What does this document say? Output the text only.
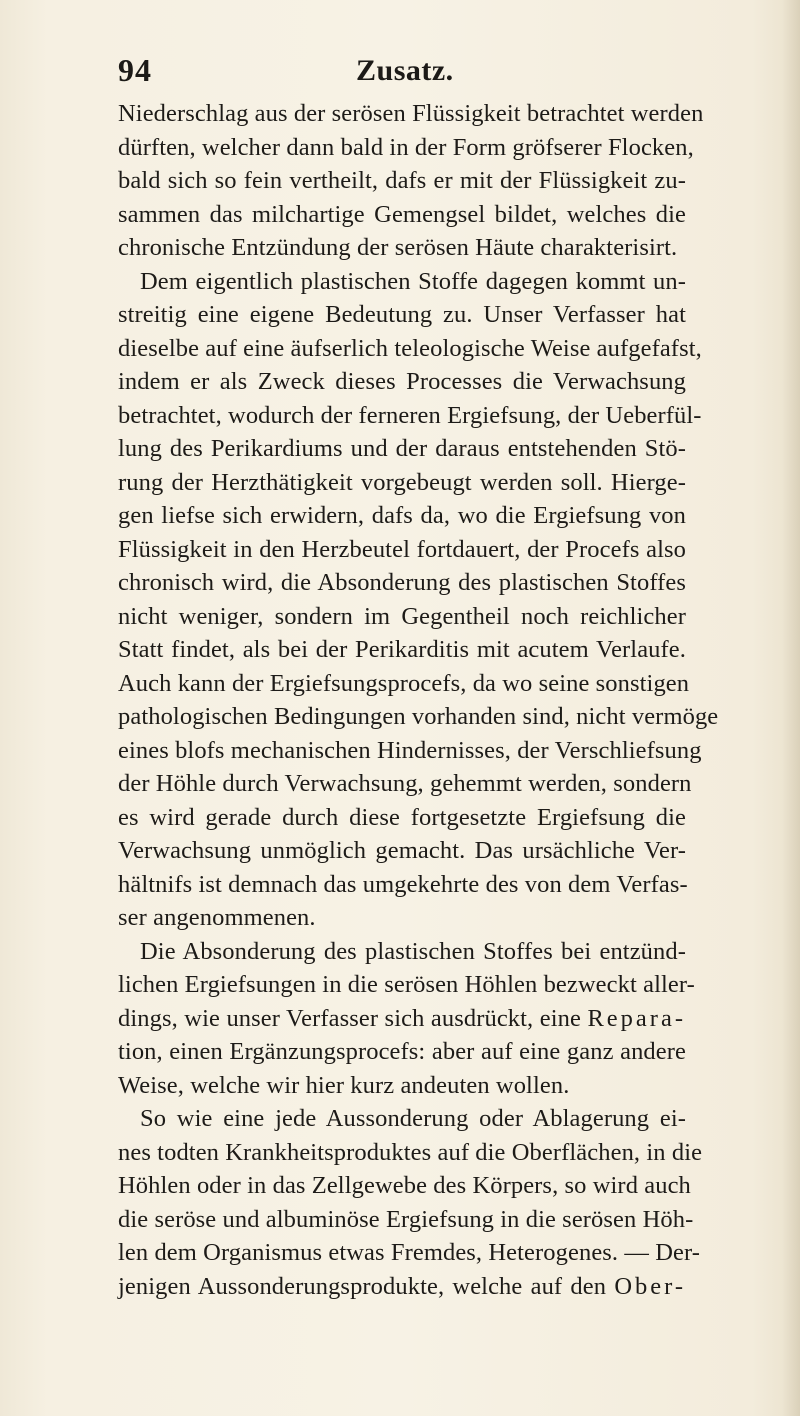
94	Zusatz.
Niederschlag aus der serösen Flüssigkeit betrachtet werden
dürften, welcher dann bald in der Form gröfserer Flocken,
bald sich so fein vertheilt, dafs er mit der Flüssigkeit zu-
sammen das milchartige Gemengsel bildet, welches die
chronische Entzündung der serösen Häute charakterisirt.
Dem eigentlich plastischen Stoffe dagegen kommt un-
streitig eine eigene Bedeutung zu. Unser Verfasser hat
dieselbe auf eine äufserlich teleologische Weise aufgefafst,
indem er als Zweck dieses Processes die Verwachsung
betrachtet, wodurch der ferneren Ergiefsung, der Ueberfül-
lung des Perikardiums und der daraus entstehenden Stö-
rung der Herzthätigkeit vorgebeugt werden soll. Hierge-
gen liefse sich erwidern, dafs da, wo die Ergiefsung von
Flüssigkeit in den Herzbeutel fortdauert, der Procefs also
chronisch wird, die Absonderung des plastischen Stoffes
nicht weniger, sondern im Gegentheil noch reichlicher
Statt findet, als bei der Perikarditis mit acutem Verlaufe.
Auch kann der Ergiefsungsprocefs, da wo seine sonstigen
pathologischen Bedingungen vorhanden sind, nicht vermöge
eines blofs mechanischen Hindernisses, der Verschliefsung
der Höhle durch Verwachsung, gehemmt werden, sondern
es wird gerade durch diese fortgesetzte Ergiefsung die
Verwachsung unmöglich gemacht. Das ursächliche Ver-
hältnifs ist demnach das umgekehrte des von dem Verfas-
ser angenommenen.
Die Absonderung des plastischen Stoffes bei entzünd-
lichen Ergiefsungen in die serösen Höhlen bezweckt aller-
dings, wie unser Verfasser sich ausdrückt, eine Repara-
tion, einen Ergänzungsprocefs: aber auf eine ganz andere
Weise, welche wir hier kurz andeuten wollen.
So wie eine jede Aussonderung oder Ablagerung ei-
nes todten Krankheitsproduktes auf die Oberflächen, in die
Höhlen oder in das Zellgewebe des Körpers, so wird auch
die seröse und albuminöse Ergiefsung in die serösen Höh-
len dem Organismus etwas Fremdes, Heterogenes. — Der-
jenigen Aussonderungsprodukte, welche auf den Ober-
